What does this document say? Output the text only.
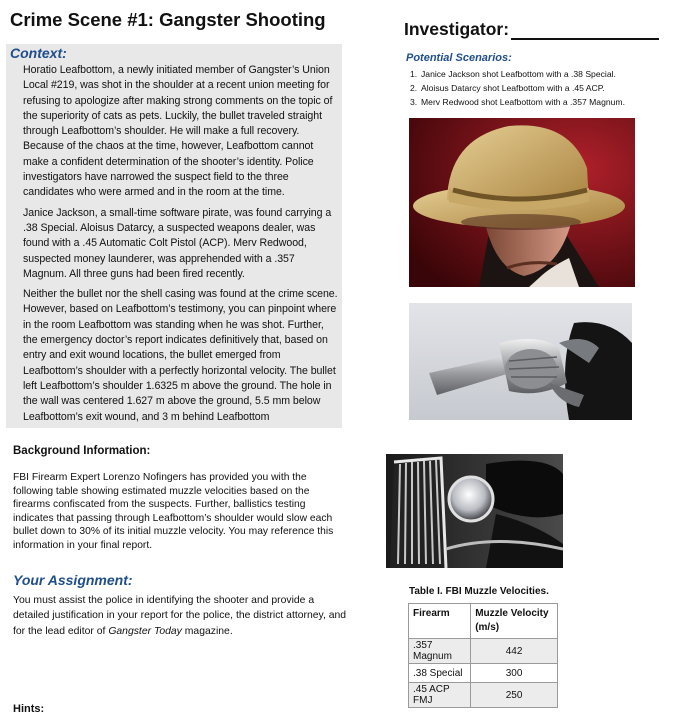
Crime Scene #1: Gangster Shooting	Investigator:
Context:

Horatio Leafbottom, a newly initiated member of Gangster’s Union Local #219, was shot in the shoulder at a recent union meeting for refusing to apologize after making strong comments on the topic of the superiority of cats as pets. Luckily, the bullet traveled straight through Leafbottom’s shoulder. He will make a full recovery. Because of the chaos at the time, however, Leafbottom cannot make a confident determination of the shooter’s identity. Police investigators have narrowed the suspect field to the three candidates who were armed and in the room at the time.

Janice Jackson, a small-time software pirate, was found carrying a .38 Special. Aloisus Datarcy, a suspected weapons dealer, was found with a .45 Automatic Colt Pistol (ACP). Merv Redwood, suspected money launderer, was apprehended with a .357 Magnum. All three guns had been fired recently.

Neither the bullet nor the shell casing was found at the crime scene. However, based on Leafbottom’s testimony, you can pinpoint where in the room Leafbottom was standing when he was shot. Further, the emergency doctor’s report indicates definitively that, based on entry and exit wound locations, the bullet emerged from Leafbottom’s shoulder with a perfectly horizontal velocity. The bullet left Leafbottom’s shoulder 1.6325 m above the ground. The hole in the wall was centered 1.627 m above the ground, 5.5 mm below Leafbottom’s exit wound, and 3 m behind Leafbottom

Potential Scenarios:
1. Janice Jackson shot Leafbottom with a .38 Special.
2. Aloisus Datarcy shot Leafbottom with a .45 ACP.
3. Merv Redwood shot Leafbottom with a .357 Magnum.
Background Information:

FBI Firearm Expert Lorenzo Nofingers has provided you with the following table showing estimated muzzle velocities based on the firearms confiscated from the suspects. Further, ballistics testing indicates that passing through Leafbottom’s shoulder would slow each bullet down to 30% of its initial muzzle velocity. You may reference this information in your final report.

Your Assignment:

You must assist the police in identifying the shooter and provide a detailed justification in your report for the police, the district attorney, and for the lead editor of Gangster Today magazine.

Hints:
Table I. FBI Muzzle Velocities.
Firearm	Muzzle Velocity (m/s)
.357 Magnum	442
.38 Special	300
.45 ACP FMJ	250
